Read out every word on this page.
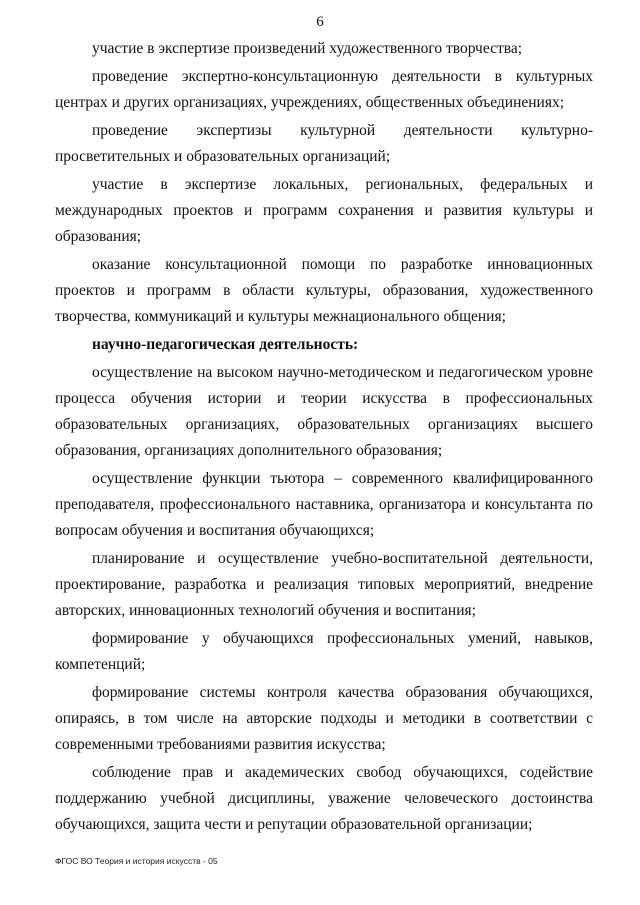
6

участие в экспертизе произведений художественного творчества;

проведение экспертно-консультационную деятельности в культурных центрах и других организациях, учреждениях, общественных объединениях;

проведение экспертизы культурной деятельности культурно-просветительных и образовательных организаций;

участие в экспертизе локальных, региональных, федеральных и международных проектов и программ сохранения и развития культуры и образования;

оказание консультационной помощи по разработке инновационных проектов и программ в области культуры, образования, художественного творчества, коммуникаций и культуры межнационального общения;

научно-педагогическая деятельность:

осуществление на высоком научно-методическом и педагогическом уровне процесса обучения истории и теории искусства в профессиональных образовательных организациях, образовательных организациях высшего образования, организациях дополнительного образования;

осуществление функции тьютора – современного квалифицированного преподавателя, профессионального наставника, организатора и консультанта по вопросам обучения и воспитания обучающихся;

планирование и осуществление учебно-воспитательной деятельности, проектирование, разработка и реализация типовых мероприятий, внедрение авторских, инновационных технологий обучения и воспитания;

формирование у обучающихся профессиональных умений, навыков, компетенций;

формирование системы контроля качества образования обучающихся, опираясь, в том числе на авторские подходы и методики в соответствии с современными требованиями развития искусства;

соблюдение прав и академических свобод обучающихся, содействие поддержанию учебной дисциплины, уважение человеческого достоинства обучающихся, защита чести и репутации образовательной организации;

ФГОС ВО Теория и история искусств - 05
